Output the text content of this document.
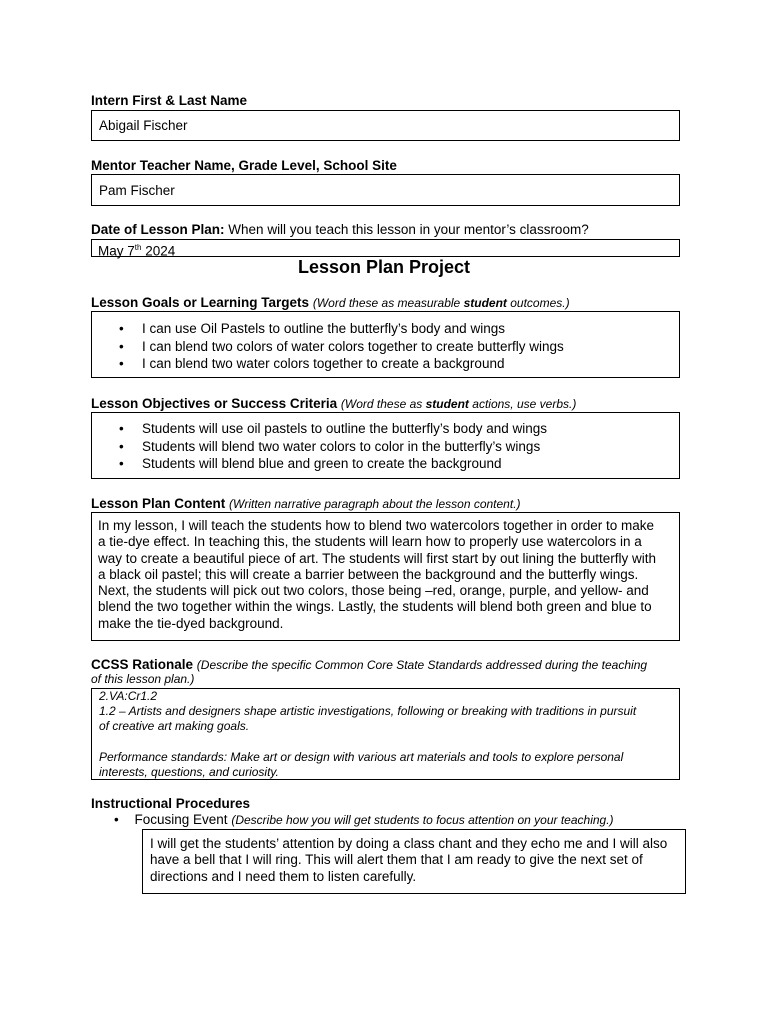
Intern First & Last Name
Abigail Fischer
Mentor Teacher Name, Grade Level, School Site
Pam Fischer
Date of Lesson Plan: When will you teach this lesson in your mentor’s classroom?
May 7th 2024
Lesson Plan Project
Lesson Goals or Learning Targets (Word these as measurable student outcomes.)
• I can use Oil Pastels to outline the butterfly’s body and wings
• I can blend two colors of water colors together to create butterfly wings
• I can blend two water colors together to create a background
Lesson Objectives or Success Criteria (Word these as student actions, use verbs.)
• Students will use oil pastels to outline the butterfly’s body and wings
• Students will blend two water colors to color in the butterfly’s wings
• Students will blend blue and green to create the background
Lesson Plan Content (Written narrative paragraph about the lesson content.)
In my lesson, I will teach the students how to blend two watercolors together in order to make
a tie-dye effect. In teaching this, the students will learn how to properly use watercolors in a
way to create a beautiful piece of art. The students will first start by out lining the butterfly with
a black oil pastel; this will create a barrier between the background and the butterfly wings.
Next, the students will pick out two colors, those being –red, orange, purple, and yellow- and
blend the two together within the wings. Lastly, the students will blend both green and blue to
make the tie-dyed background.
CCSS Rationale (Describe the specific Common Core State Standards addressed during the teaching
of this lesson plan.)
2.VA:Cr1.2
1.2 – Artists and designers shape artistic investigations, following or breaking with traditions in pursuit
of creative art making goals.
Performance standards: Make art or design with various art materials and tools to explore personal
interests, questions, and curiosity.
Instructional Procedures
• Focusing Event (Describe how you will get students to focus attention on your teaching.)
I will get the students’ attention by doing a class chant and they echo me and I will also
have a bell that I will ring. This will alert them that I am ready to give the next set of
directions and I need them to listen carefully.
